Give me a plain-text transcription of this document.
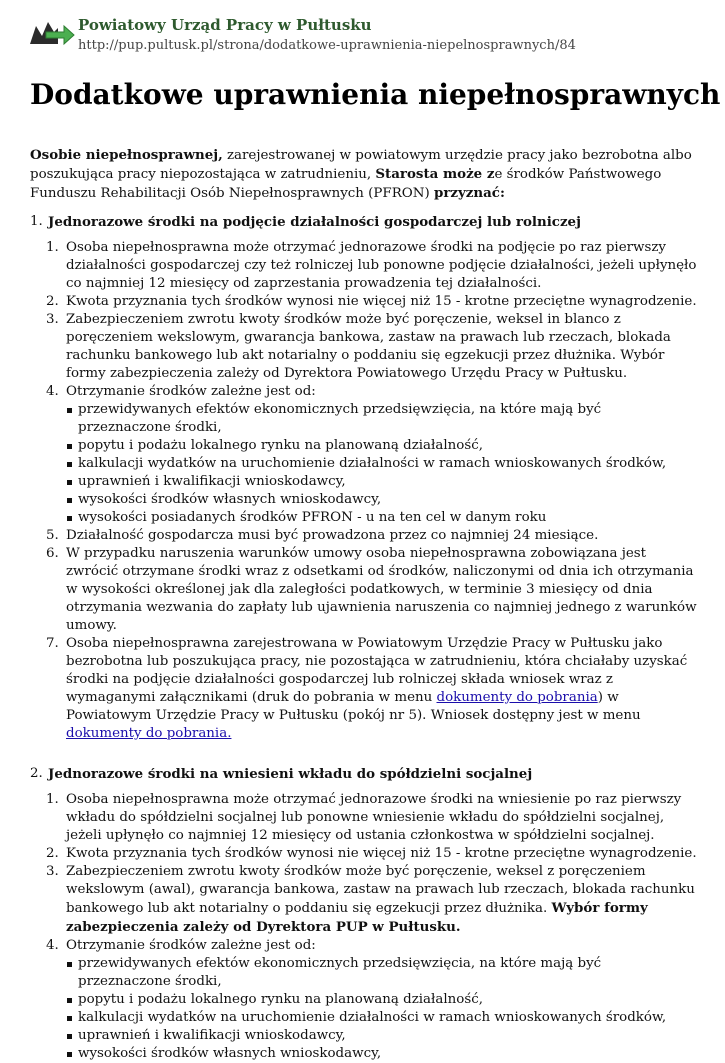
Powiatowy Urząd Pracy w Pułtusku
http://pup.pultusk.pl/strona/dodatkowe-uprawnienia-niepelnosprawnych/84
Dodatkowe uprawnienia niepełnosprawnych

Osobie niepełnosprawnej, zarejestrowanej w powiatowym urzędzie pracy jako bezrobotna albo poszukująca pracy niepozostająca w zatrudnieniu, Starosta może ze środków Państwowego Funduszu Rehabilitacji Osób Niepełnosprawnych (PFRON) przyznać:

1. Jednorazowe środki na podjęcie działalności gospodarczej lub rolniczej
1. Osoba niepełnosprawna może otrzymać jednorazowe środki na podjęcie po raz pierwszy działalności gospodarczej czy też rolniczej lub ponowne podjęcie działalności, jeżeli upłynęło co najmniej 12 miesięcy od zaprzestania prowadzenia tej działalności.
2. Kwota przyznania tych środków wynosi nie więcej niż 15 - krotne przeciętne wynagrodzenie.
3. Zabezpieczeniem zwrotu kwoty środków może być poręczenie, weksel in blanco z poręczeniem wekslowym, gwarancja bankowa, zastaw na prawach lub rzeczach, blokada rachunku bankowego lub akt notarialny o poddaniu się egzekucji przez dłużnika. Wybór formy zabezpieczenia zależy od Dyrektora Powiatowego Urzędu Pracy w Pułtusku.
4. Otrzymanie środków zależne jest od:
przewidywanych efektów ekonomicznych przedsięwzięcia, na które mają być przeznaczone środki,
popytu i podażu lokalnego rynku na planowaną działalność,
kalkulacji wydatków na uruchomienie działalności w ramach wnioskowanych środków,
uprawnień i kwalifikacji wnioskodawcy,
wysokości środków własnych wnioskodawcy,
wysokości posiadanych środków PFRON - u na ten cel w danym roku
5. Działalność gospodarcza musi być prowadzona przez co najmniej 24 miesiące.
6. W przypadku naruszenia warunków umowy osoba niepełnosprawna zobowiązana jest zwrócić otrzymane środki wraz z odsetkami od środków, naliczonymi od dnia ich otrzymania w wysokości określonej jak dla zaległości podatkowych, w terminie 3 miesięcy od dnia otrzymania wezwania do zapłaty lub ujawnienia naruszenia co najmniej jednego z warunków umowy.
7. Osoba niepełnosprawna zarejestrowana w Powiatowym Urzędzie Pracy w Pułtusku jako bezrobotna lub poszukująca pracy, nie pozostająca w zatrudnieniu, która chciałaby uzyskać środki na podjęcie działalności gospodarczej lub rolniczej składa wniosek wraz z wymaganymi załącznikami (druk do pobrania w menu dokumenty do pobrania) w Powiatowym Urzędzie Pracy w Pułtusku (pokój nr 5). Wniosek dostępny jest w menu dokumenty do pobrania.
2. Jednorazowe środki na wniesieni wkładu do spółdzielni socjalnej
1. Osoba niepełnosprawna może otrzymać jednorazowe środki na wniesienie po raz pierwszy wkładu do spółdzielni socjalnej lub ponowne wniesienie wkładu do spółdzielni socjalnej, jeżeli upłynęło co najmniej 12 miesięcy od ustania członkostwa w spółdzielni socjalnej.
2. Kwota przyznania tych środków wynosi nie więcej niż 15 - krotne przeciętne wynagrodzenie.
3. Zabezpieczeniem zwrotu kwoty środków może być poręczenie, weksel z poręczeniem wekslowym (awal), gwarancja bankowa, zastaw na prawach lub rzeczach, blokada rachunku bankowego lub akt notarialny o poddaniu się egzekucji przez dłużnika. Wybór formy zabezpieczenia zależy od Dyrektora PUP w Pułtusku.
4. Otrzymanie środków zależne jest od:
przewidywanych efektów ekonomicznych przedsięwzięcia, na które mają być przeznaczone środki,
popytu i podażu lokalnego rynku na planowaną działalność,
kalkulacji wydatków na uruchomienie działalności w ramach wnioskowanych środków,
uprawnień i kwalifikacji wnioskodawcy,
wysokości środków własnych wnioskodawcy,
